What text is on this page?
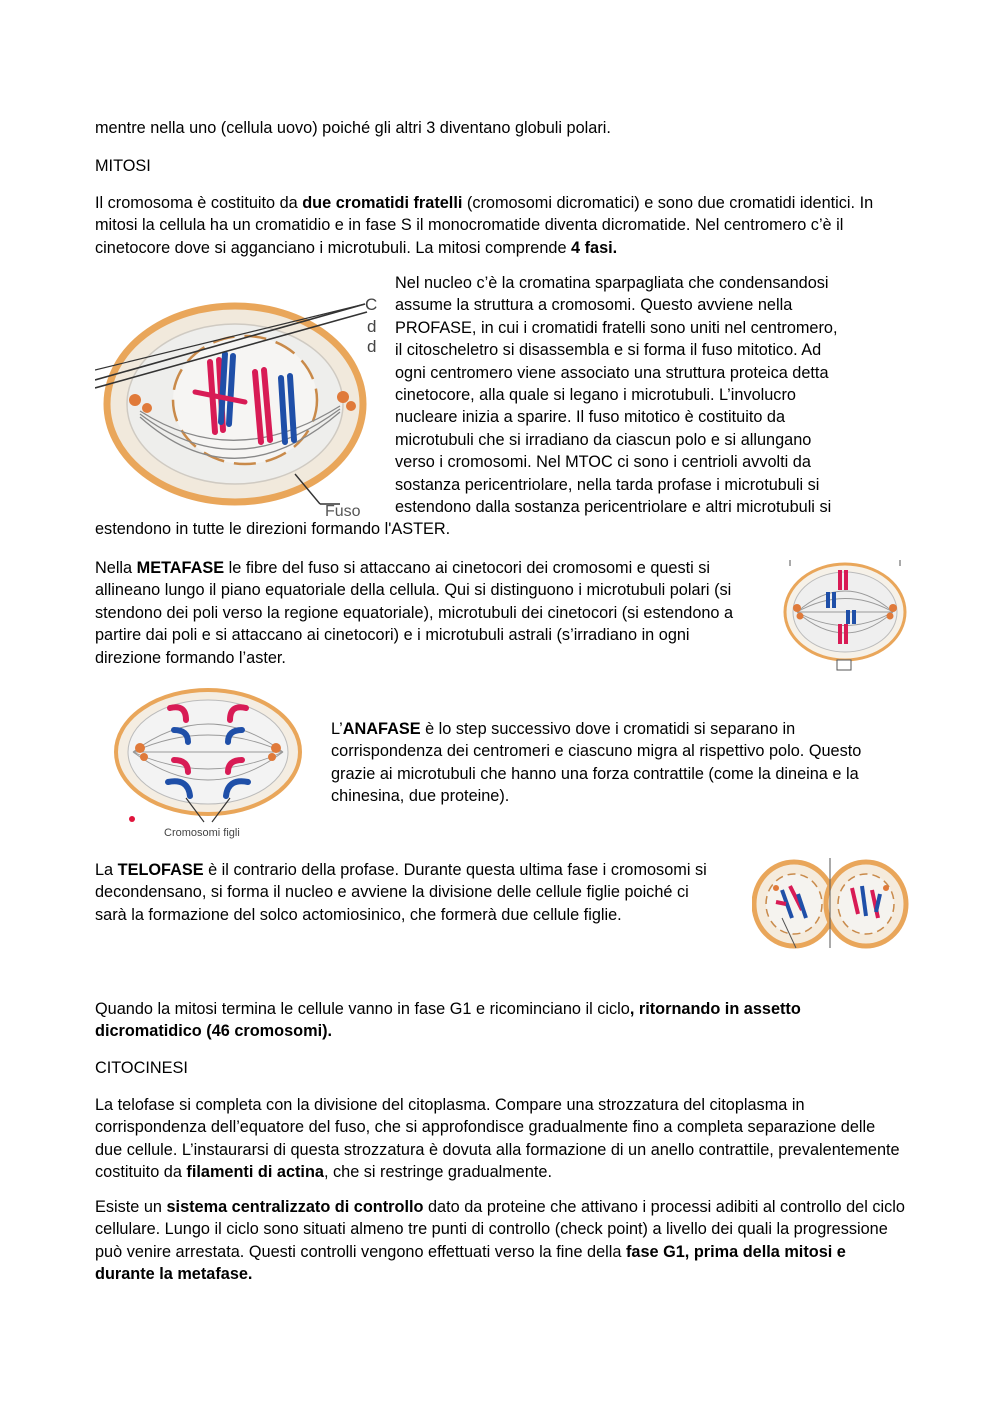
mentre nella uno (cellula uovo) poiché gli altri 3 diventano globuli polari.

MITOSI

Il cromosoma è costituito da due cromatidi fratelli (cromosomi dicromatici) e sono due cromatidi identici. In mitosi la cellula ha un cromatidio e in fase S il monocromatide diventa dicromatide. Nel centromero c’è il cinetocore dove si agganciano i microtubuli. La mitosi comprende 4 fasi.

C
d
d
Fuso
Nel nucleo c’è la cromatina sparpagliata che condensandosi
assume la struttura a cromosomi. Questo avviene nella
PROFASE, in cui i cromatidi fratelli sono uniti nel centromero,
il citoscheletro si disassembla e si forma il fuso mitotico. Ad
ogni centromero viene associato una struttura proteica detta
cinetocore, alla quale si legano i microtubuli. L’involucro
nucleare inizia a sparire. Il fuso mitotico è costituito da
microtubuli che si irradiano da ciascun polo e si allungano
verso i cromosomi. Nel MTOC ci sono i centrioli avvolti da
sostanza pericentriolare, nella tarda profase i microtubuli si
estendono dalla sostanza pericentriolare e altri microtubuli si

estendono in tutte le direzioni formando l'ASTER.

Nella METAFASE le fibre del fuso si attaccano ai cinetocori dei cromosomi e questi si allineano lungo il piano equatoriale della cellula. Qui si distinguono i microtubuli polari (si stendono dei poli verso la regione equatoriale), microtubuli dei cinetocori (si estendono a partire dai poli e si attaccano ai cinetocori) e i microtubuli astrali (s’irradiano in ogni direzione formando l’aster.

Cromosomi figli

L’ANAFASE è lo step successivo dove i cromatidi si separano in corrispondenza dei centromeri e ciascuno migra al rispettivo polo. Questo grazie ai microtubuli che hanno una forza contrattile (come la dineina e la chinesina, due proteine).

La TELOFASE è il contrario della profase. Durante questa ultima fase i cromosomi si decondensano, si forma il nucleo e avviene la divisione delle cellule figlie poiché ci sarà la formazione del solco actomiosinico, che formerà due cellule figlie.

Quando la mitosi termina le cellule vanno in fase G1 e ricominciano il ciclo, ritornando in assetto dicromatidico (46 cromosomi).

CITOCINESI

La telofase si completa con la divisione del citoplasma. Compare una strozzatura del citoplasma in corrispondenza dell’equatore del fuso, che si approfondisce gradualmente fino a completa separazione delle due cellule. L’instaurarsi di questa strozzatura è dovuta alla formazione di un anello contrattile, prevalentemente costituito da filamenti di actina, che si restringe gradualmente.

Esiste un sistema centralizzato di controllo dato da proteine che attivano i processi adibiti al controllo del ciclo cellulare. Lungo il ciclo sono situati almeno tre punti di controllo (check point) a livello dei quali la progressione può venire arrestata. Questi controlli vengono effettuati verso la fine della fase G1, prima della mitosi e durante la metafase.
